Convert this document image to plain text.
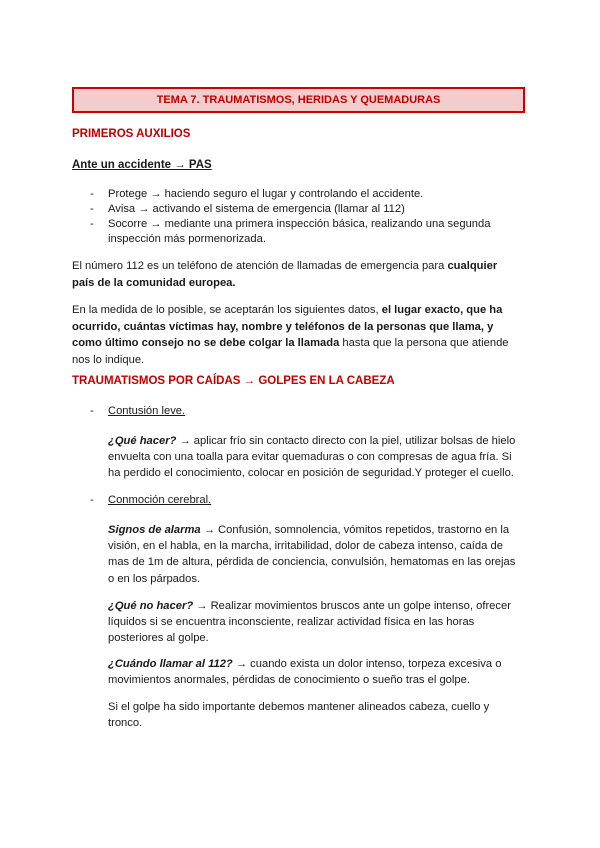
TEMA 7. TRAUMATISMOS, HERIDAS Y QUEMADURAS
PRIMEROS AUXILIOS
Ante un accidente → PAS
- Protege → haciendo seguro el lugar y controlando el accidente.
- Avisa → activando el sistema de emergencia (llamar al 112)
- Socorre → mediante una primera inspección básica, realizando una segunda inspección más pormenorizada.

El número 112 es un teléfono de atención de llamadas de emergencia para cualquier país de la comunidad europea.

En la medida de lo posible, se aceptarán los siguientes datos, el lugar exacto, que ha ocurrido, cuántas víctimas hay, nombre y teléfonos de la personas que llama, y como último consejo no se debe colgar la llamada hasta que la persona que atiende nos lo indique.

TRAUMATISMOS POR CAÍDAS → GOLPES EN LA CABEZA
- Contusión leve.

¿Qué hacer? → aplicar frío sin contacto directo con la piel, utilizar bolsas de hielo envuelta con una toalla para evitar quemaduras o con compresas de agua fría. Si ha perdido el conocimiento, colocar en posición de seguridad.Y proteger el cuello.

- Conmoción cerebral.

Signos de alarma → Confusión, somnolencia, vómitos repetidos, trastorno en la visión, en el habla, en la marcha, irritabilidad, dolor de cabeza intenso, caída de mas de 1m de altura, pérdida de conciencia, convulsión, hematomas en las orejas o en los párpados.

¿Qué no hacer? → Realizar movimientos bruscos ante un golpe intenso, ofrecer líquidos si se encuentra inconsciente, realizar actividad física en las horas posteriores al golpe.

¿Cuándo llamar al 112? → cuando exista un dolor intenso, torpeza excesiva o movimientos anormales, pérdidas de conocimiento o sueño tras el golpe.

Si el golpe ha sido importante debemos mantener alineados cabeza, cuello y tronco.
